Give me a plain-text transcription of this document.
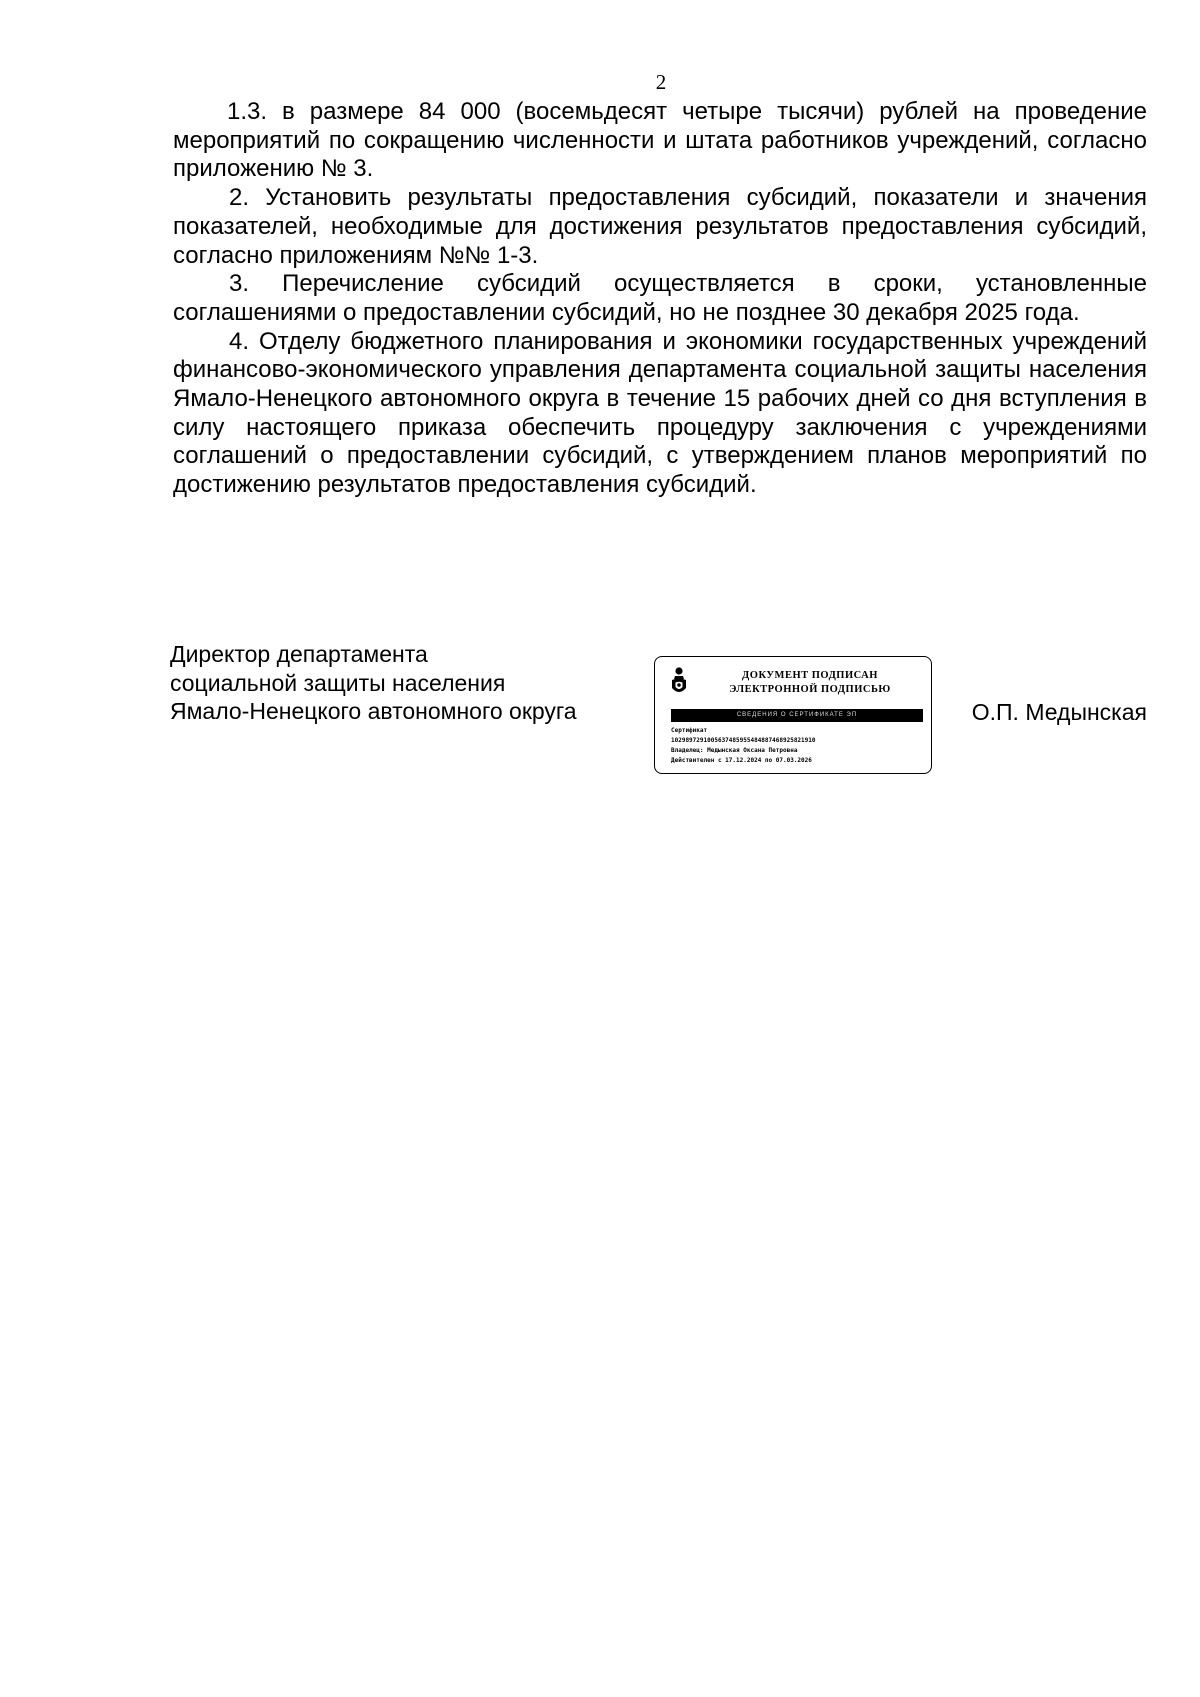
2

1.3. в размере 84 000 (восемьдесят четыре тысячи) рублей на проведение мероприятий по сокращению численности и штата работников учреждений, согласно приложению № 3.

2. Установить результаты предоставления субсидий, показатели и значения показателей, необходимые для достижения результатов предоставления субсидий, согласно приложениям №№ 1-3.

3. Перечисление субсидий осуществляется в сроки, установленные соглашениями о предоставлении субсидий, но не позднее 30 декабря 2025 года.

4. Отделу бюджетного планирования и экономики государственных учреждений финансово-экономического управления департамента социальной защиты населения Ямало-Ненецкого автономного округа в течение 15 рабочих дней со дня вступления в силу настоящего приказа обеспечить процедуру заключения с учреждениями соглашений о предоставлении субсидий, с утверждением планов мероприятий по достижению результатов предоставления субсидий.

Директор департамента
социальной защиты населения
Ямало-Ненецкого автономного округа
ДОКУМЕНТ ПОДПИСАН
ЭЛЕКТРОННОЙ ПОДПИСЬЮ
СВЕДЕНИЯ О СЕРТИФИКАТЕ ЭП
Сертификат
1029897291005637485955484887468925821910
Владелец: Медынская Оксана Петровна
Действителен с 17.12.2024 по 07.03.2026
О.П. Медынская
